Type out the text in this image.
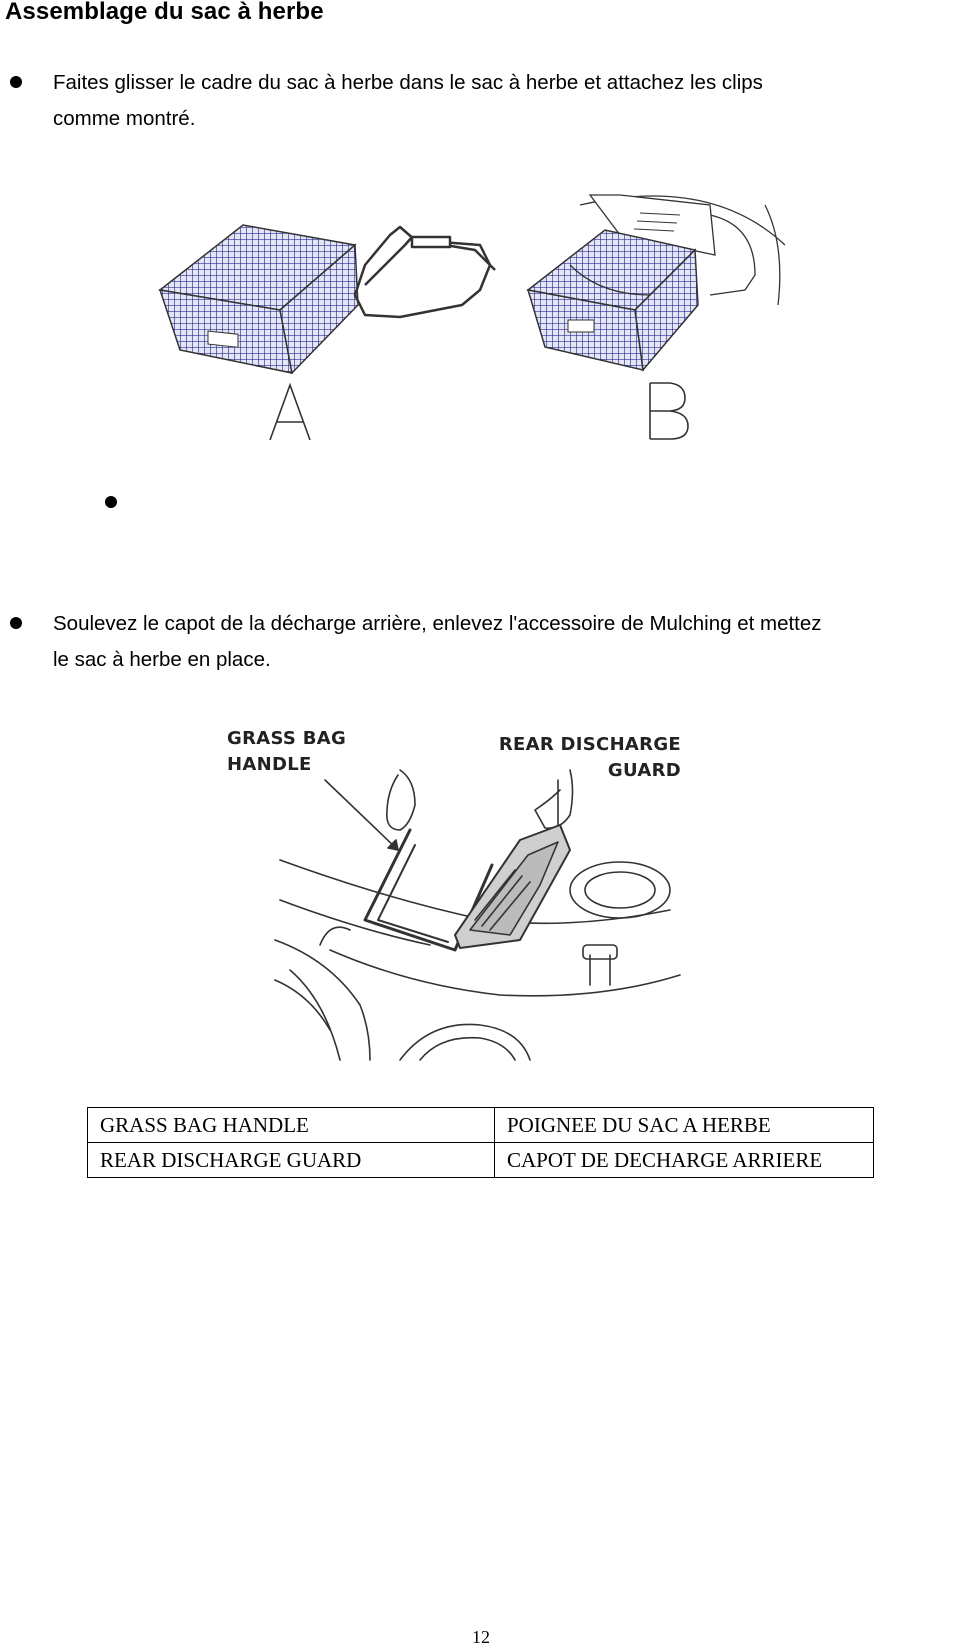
Assemblage du sac à herbe
Faites glisser le cadre du sac à herbe dans le sac à herbe et attachez les clips
comme montré.
A
Soulevez le capot de la décharge arrière, enlevez l'accessoire de Mulching et mettez
le sac à herbe en place.
GRASS BAG
HANDLE
REAR DISCHARGE
GUARD
GRASS BAG HANDLE	POIGNEE DU SAC A HERBE
REAR DISCHARGE GUARD	CAPOT DE DECHARGE ARRIERE
12
